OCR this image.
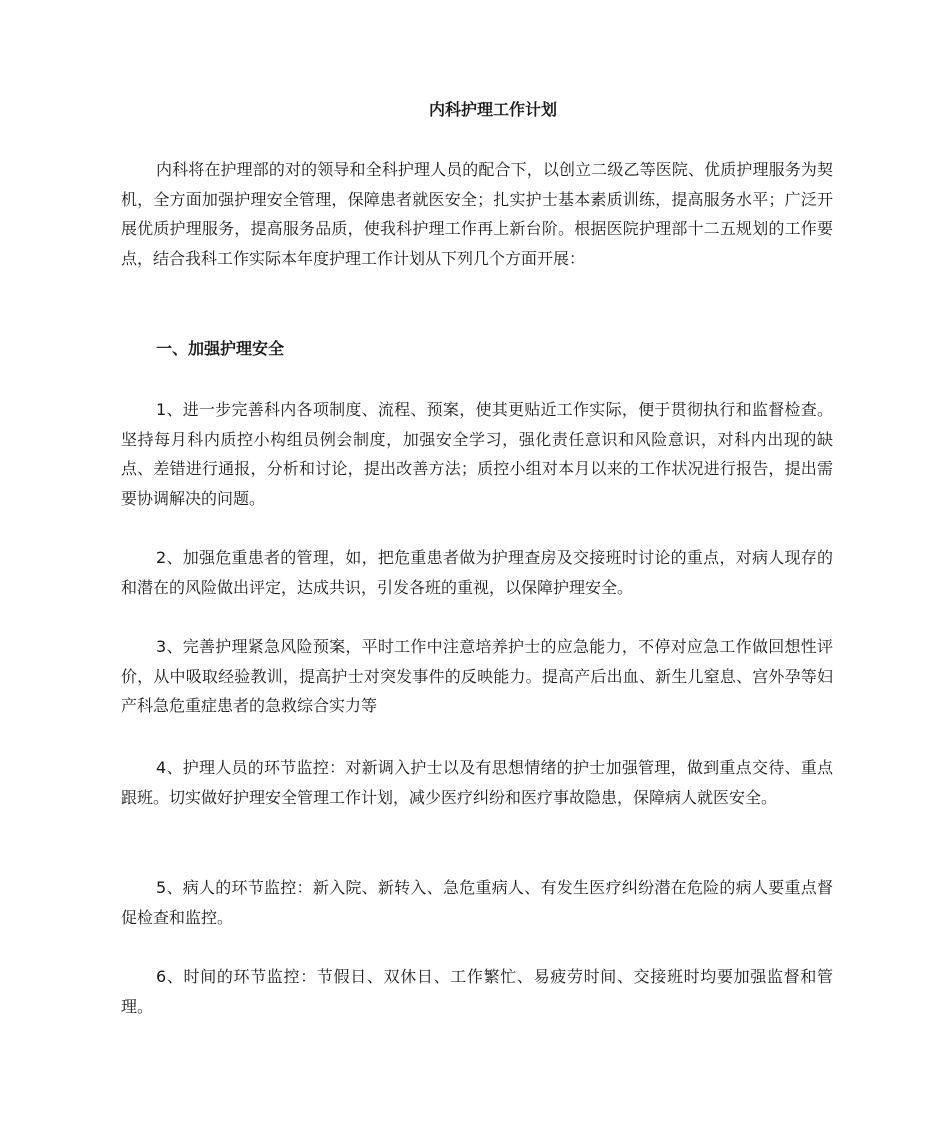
内科护理工作计划

内科将在护理部的对的领导和全科护理人员的配合下，以创立二级乙等医院、优质护理服务为契机，全方面加强护理安全管理，保障患者就医安全；扎实护士基本素质训练，提高服务水平；广泛开展优质护理服务，提高服务品质，使我科护理工作再上新台阶。根据医院护理部十二五规划的工作要点，结合我科工作实际本年度护理工作计划从下列几个方面开展：

一、加强护理安全

1、进一步完善科内各项制度、流程、预案，使其更贴近工作实际，便于贯彻执行和监督检查。坚持每月科内质控小构组员例会制度，加强安全学习，强化责任意识和风险意识，对科内出现的缺点、差错进行通报，分析和讨论，提出改善方法；质控小组对本月以来的工作状况进行报告，提出需要协调解决的问题。

2、加强危重患者的管理，如，把危重患者做为护理查房及交接班时讨论的重点，对病人现存的和潜在的风险做出评定，达成共识，引发各班的重视，以保障护理安全。

3、完善护理紧急风险预案，平时工作中注意培养护士的应急能力，不停对应急工作做回想性评价，从中吸取经验教训，提高护士对突发事件的反映能力。提高产后出血、新生儿窒息、宫外孕等妇产科急危重症患者的急救综合实力等

4、护理人员的环节监控：对新调入护士以及有思想情绪的护士加强管理，做到重点交待、重点跟班。切实做好护理安全管理工作计划，减少医疗纠纷和医疗事故隐患，保障病人就医安全。

5、病人的环节监控：新入院、新转入、急危重病人、有发生医疗纠纷潜在危险的病人要重点督促检查和监控。

6、时间的环节监控：节假日、双休日、工作繁忙、易疲劳时间、交接班时均要加强监督和管理。
